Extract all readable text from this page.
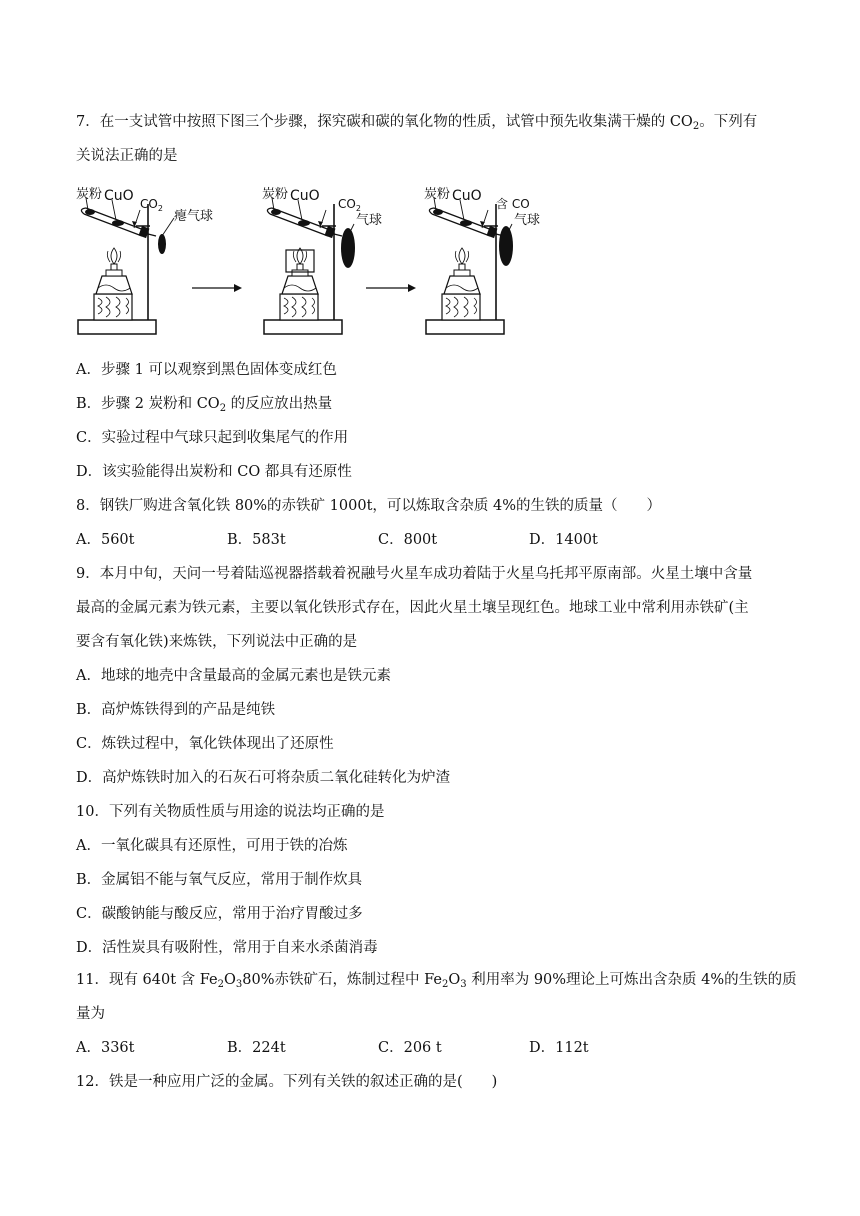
7．在一支试管中按照下图三个步骤，探究碳和碳的氧化物的性质，试管中预先收集满干燥的 $CO_2$。下列有
关说法正确的是
炭粉 CuO $CO_2$
瘪气球
炭粉 CuO $CO_2$
气球
炭粉 CuO 含 CO
气球
A．步骤 1 可以观察到黑色固体变成红色
B．步骤 2 炭粉和 $CO_2$ 的反应放出热量
C．实验过程中气球只起到收集尾气的作用
D．该实验能得出炭粉和 CO 都具有还原性
8．钢铁厂购进含氧化铁 80%的赤铁矿 1000t，可以炼取含杂质 4%的生铁的质量（　　）
A．560t	B．583t	C．800t	D．1400t
9．本月中旬，天问一号着陆巡视器搭载着祝融号火星车成功着陆于火星乌托邦平原南部。火星土壤中含量
最高的金属元素为铁元素，主要以氧化铁形式存在，因此火星土壤呈现红色。地球工业中常利用赤铁矿(主
要含有氧化铁)来炼铁，下列说法中正确的是
A．地球的地壳中含量最高的金属元素也是铁元素
B．高炉炼铁得到的产品是纯铁
C．炼铁过程中，氧化铁体现出了还原性
D．高炉炼铁时加入的石灰石可将杂质二氧化硅转化为炉渣
10．下列有关物质性质与用途的说法均正确的是
A．一氧化碳具有还原性，可用于铁的冶炼
B．金属铝不能与氧气反应，常用于制作炊具
C．碳酸钠能与酸反应，常用于治疗胃酸过多
D．活性炭具有吸附性，常用于自来水杀菌消毒
11．现有 640t 含 $Fe_2O_380\%$赤铁矿石，炼制过程中 $Fe_2O_3$ 利用率为 90%理论上可炼出含杂质 4%的生铁的质
量为
A．336t	B．224t	C．206 t	D．112t
12．铁是一种应用广泛的金属。下列有关铁的叙述正确的是(　　)
